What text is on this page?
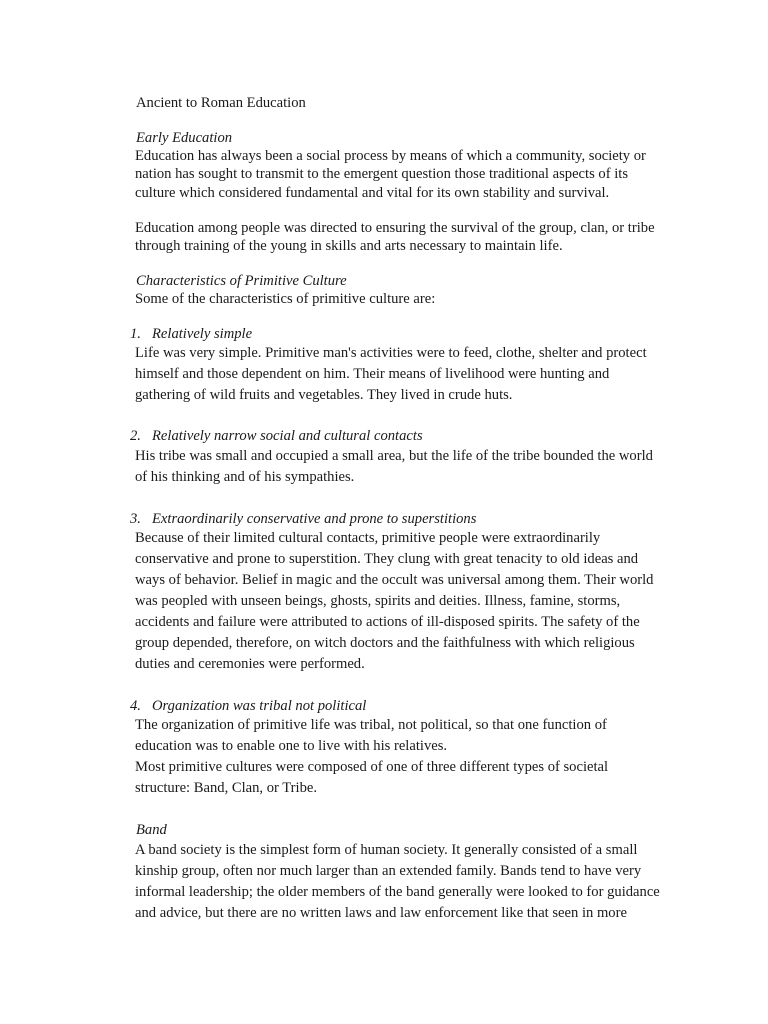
Ancient to Roman Education
Early Education
Education has always been a social process by means of which a community, society or
nation has sought to transmit to the emergent question those traditional aspects of its
culture which considered fundamental and vital for its own stability and survival.
Education among people was directed to ensuring the survival of the group, clan, or tribe
through training of the young in skills and arts necessary to maintain life.
Characteristics of Primitive Culture
Some of the characteristics of primitive culture are:
1. Relatively simple
Life was very simple. Primitive man's activities were to feed, clothe, shelter and protect
himself and those dependent on him. Their means of livelihood were hunting and
gathering of wild fruits and vegetables. They lived in crude huts.
2. Relatively narrow social and cultural contacts
His tribe was small and occupied a small area, but the life of the tribe bounded the world
of his thinking and of his sympathies.
3. Extraordinarily conservative and prone to superstitions
Because of their limited cultural contacts, primitive people were extraordinarily
conservative and prone to superstition. They clung with great tenacity to old ideas and
ways of behavior. Belief in magic and the occult was universal among them. Their world
was peopled with unseen beings, ghosts, spirits and deities. Illness, famine, storms,
accidents and failure were attributed to actions of ill-disposed spirits. The safety of the
group depended, therefore, on witch doctors and the faithfulness with which religious
duties and ceremonies were performed.
4. Organization was tribal not political
The organization of primitive life was tribal, not political, so that one function of
education was to enable one to live with his relatives.
Most primitive cultures were composed of one of three different types of societal
structure: Band, Clan, or Tribe.
Band
A band society is the simplest form of human society. It generally consisted of a small
kinship group, often nor much larger than an extended family. Bands tend to have very
informal leadership; the older members of the band generally were looked to for guidance
and advice, but there are no written laws and law enforcement like that seen in more
